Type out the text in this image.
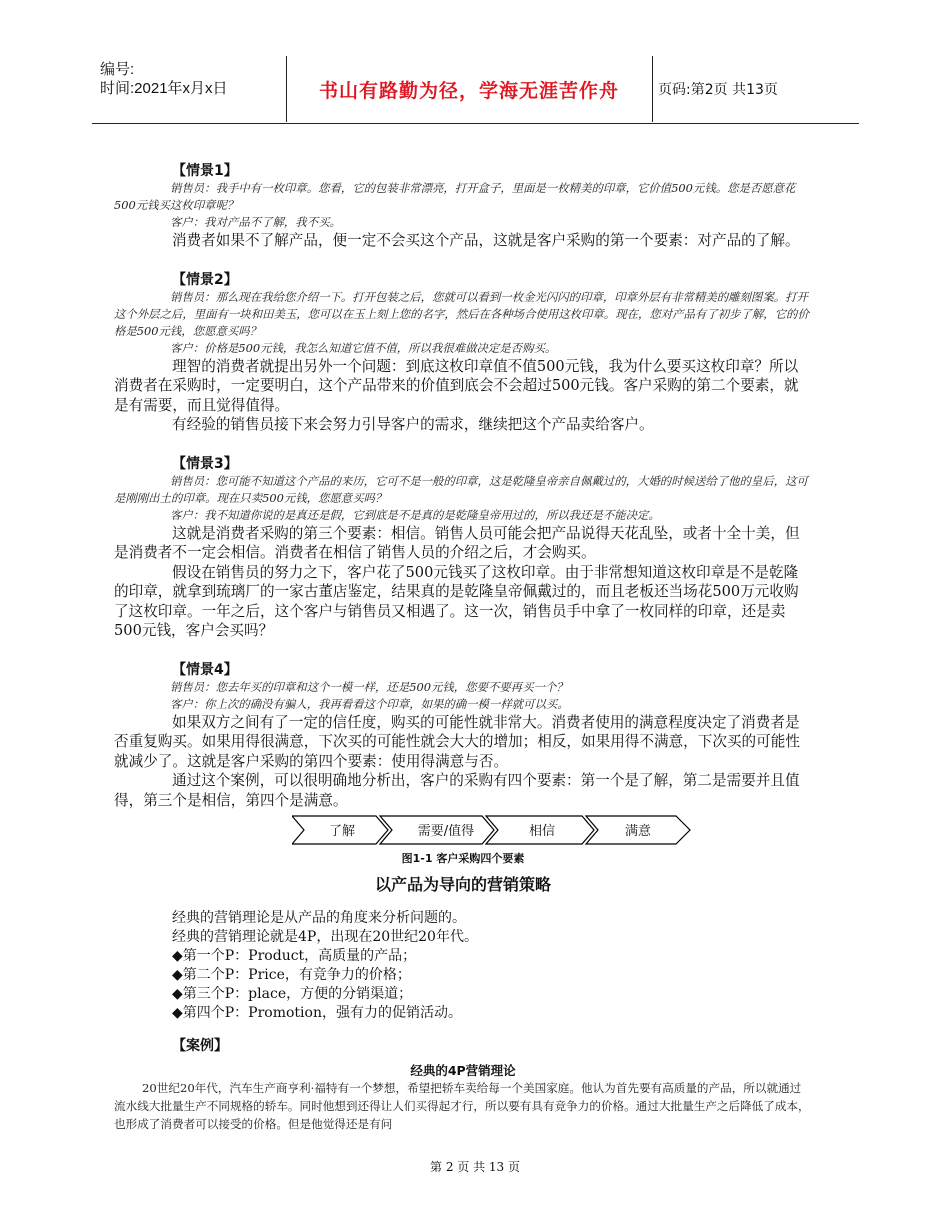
编号:
时间:2021年x月x日	书山有路勤为径，学海无涯苦作舟	页码:第2页 共13页
【情景1】
销售员：我手中有一枚印章。您看，它的包装非常漂亮，打开盒子，里面是一枚精美的印章，它价值500元钱。您是否愿意花500元钱买这枚印章呢？
客户：我对产品不了解，我不买。
消费者如果不了解产品，便一定不会买这个产品，这就是客户采购的第一个要素：对产品的了解。
【情景2】
销售员：那么现在我给您介绍一下。打开包装之后，您就可以看到一枚金光闪闪的印章，印章外层有非常精美的雕刻图案。打开这个外层之后，里面有一块和田美玉，您可以在玉上刻上您的名字，然后在各种场合使用这枚印章。现在，您对产品有了初步了解，它的价格是500元钱，您愿意买吗？
客户：价格是500元钱，我怎么知道它值不值，所以我很难做决定是否购买。
理智的消费者就提出另外一个问题：到底这枚印章值不值500元钱，我为什么要买这枚印章？所以消费者在采购时，一定要明白，这个产品带来的价值到底会不会超过500元钱。客户采购的第二个要素，就是有需要，而且觉得值得。
有经验的销售员接下来会努力引导客户的需求，继续把这个产品卖给客户。
【情景3】
销售员：您可能不知道这个产品的来历，它可不是一般的印章，这是乾隆皇帝亲自佩戴过的，大婚的时候送给了他的皇后，这可是刚刚出土的印章。现在只卖500元钱，您愿意买吗？
客户：我不知道你说的是真还是假，它到底是不是真的是乾隆皇帝用过的，所以我还是不能决定。
这就是消费者采购的第三个要素：相信。销售人员可能会把产品说得天花乱坠，或者十全十美，但是消费者不一定会相信。消费者在相信了销售人员的介绍之后，才会购买。
假设在销售员的努力之下，客户花了500元钱买了这枚印章。由于非常想知道这枚印章是不是乾隆的印章，就拿到琉璃厂的一家古董店鉴定，结果真的是乾隆皇帝佩戴过的，而且老板还当场花500万元收购了这枚印章。一年之后，这个客户与销售员又相遇了。这一次，销售员手中拿了一枚同样的印章，还是卖500元钱，客户会买吗？
【情景4】
销售员：您去年买的印章和这个一模一样，还是500元钱，您要不要再买一个？
客户：你上次的确没有骗人，我再看看这个印章，如果的确一模一样就可以买。
如果双方之间有了一定的信任度，购买的可能性就非常大。消费者使用的满意程度决定了消费者是否重复购买。如果用得很满意，下次买的可能性就会大大的增加；相反，如果用得不满意，下次买的可能性就减少了。这就是客户采购的第四个要素：使用得满意与否。
通过这个案例，可以很明确地分析出，客户的采购有四个要素：第一个是了解，第二是需要并且值得，第三个是相信，第四个是满意。
了解	需要/值得	相信	满意
图1-1 客户采购四个要素
以产品为导向的营销策略
经典的营销理论是从产品的角度来分析问题的。
经典的营销理论就是4P，出现在20世纪20年代。
◆第一个P：Product，高质量的产品；
◆第二个P：Price，有竞争力的价格；
◆第三个P：place，方便的分销渠道；
◆第四个P：Promotion，强有力的促销活动。
【案例】
经典的4P营销理论
20世纪20年代，汽车生产商亨利·福特有一个梦想，希望把轿车卖给每一个美国家庭。他认为首先要有高质量的产品，所以就通过流水线大批量生产不同规格的轿车。同时他想到还得让人们买得起才行，所以要有具有竞争力的价格。通过大批量生产之后降低了成本，也形成了消费者可以接受的价格。但是他觉得还是有问
第 2 页 共 13 页
